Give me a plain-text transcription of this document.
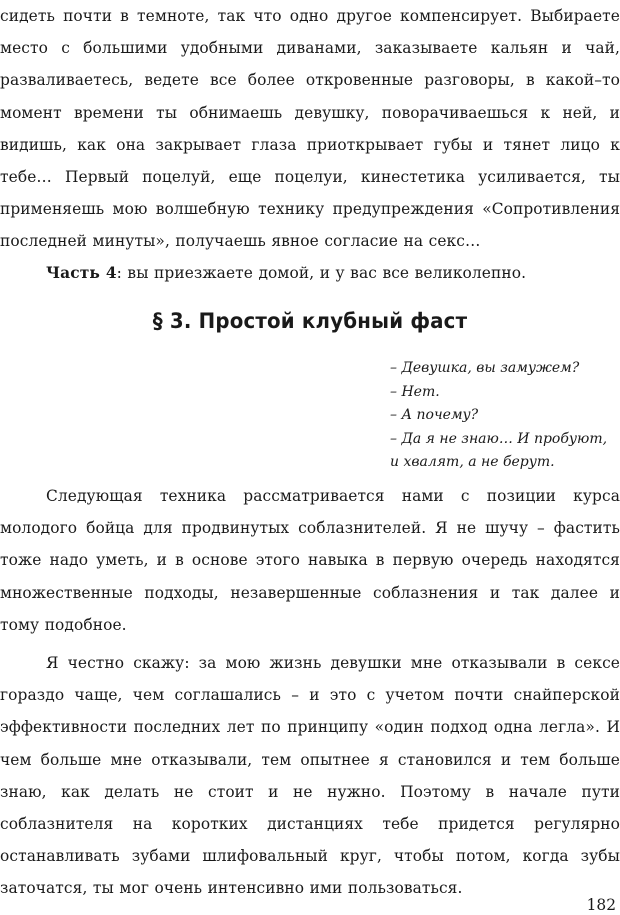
сидеть почти в темноте, так что одно другое компенсирует. Выбираете место с большими удобными диванами, заказываете кальян и чай, разваливаетесь, ведете все более откровенные разговоры, в какой–то момент времени ты обнимаешь девушку, поворачиваешься к ней, и видишь, как она закрывает глаза приоткрывает губы и тянет лицо к тебе… Первый поцелуй, еще поцелуи, кинестетика усиливается, ты применяешь мою волшебную технику предупреждения «Сопротивления последней минуты», получаешь явное согласие на секс…

Часть 4: вы приезжаете домой, и у вас все великолепно.

§ 3. Простой клубный фаст
– Девушка, вы замужем?
– Нет.
– А почему?
– Да я не знаю… И пробуют,
и хвалят, а не берут.

Следующая техника рассматривается нами с позиции курса молодого бойца для продвинутых соблазнителей. Я не шучу – фастить тоже надо уметь, и в основе этого навыка в первую очередь находятся множественные подходы, незавершенные соблазнения и так далее и тому подобное.

Я честно скажу: за мою жизнь девушки мне отказывали в сексе гораздо чаще, чем соглашались – и это с учетом почти снайперской эффективности последних лет по принципу «один подход одна легла». И чем больше мне отказывали, тем опытнее я становился и тем больше знаю, как делать не стоит и не нужно. Поэтому в начале пути соблазнителя на коротких дистанциях тебе придется регулярно останавливать зубами шлифовальный круг, чтобы потом, когда зубы заточатся, ты мог очень интенсивно ими пользоваться.

182
